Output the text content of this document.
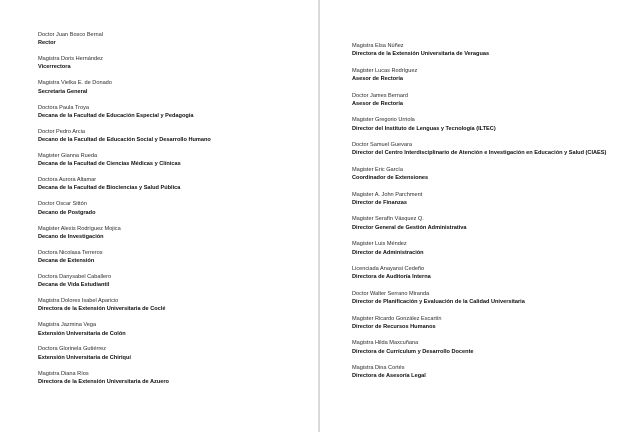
Doctor Juan Bosco Bernal
Rector
Magistra Doris Hernández
Vicerrectora
Magistra Vielka E. de Donado
Secretaria General
Doctora Paula Troya
Decana de la Facultad de Educación Especial y Pedagogía
Doctor Pedro Arcia
Decano de la Facultad de Educación Social y Desarrollo Humano
Magister Gianna Rueda
Decana de la Facultad de Ciencias Médicas y Clínicas
Doctora Aurora Altamar
Decana de la Facultad de Biociencias y Salud Pública
Doctor Oscar Sittón
Decano de Postgrado
Magister Alexis Rodríguez Mojica
Decano de Investigación
Doctora Nicolasa Terreros
Decana de Extensión
Doctora Danysabel Caballero
Decana de Vida Estudiantil
Magistra Dolores Isabel Aparicio
Directora de la Extensión Universitaria de Coclé
Magistra Jazmina Vega
Extensión Universitaria de Colón
Doctora Glorinela Gutiérrez
Extensión Universitaria de Chiriquí
Magistra Diana Ríos
Directora de la Extensión Universitaria de Azuero
Magistra Elsa Núñez
Directora de la Extensión Universitaria de Veraguas
Magister Lucas Rodríguez
Asesor de Rectoría
Doctor James Bernard
Asesor de Rectoría
Magister Gregorio Urriola
Director del Instituto de Lenguas y Tecnología (ILTEC)
Doctor Samuel Guevara
Director del Centro Interdisciplinario de Atención e Investigación en Educación y Salud (CIAES)
Magister Eric García
Coordinador de Extensiones
Magister A. John Parchment
Director de Finanzas
Magister Serafín Vásquez Q.
Director General de Gestión Administrativa
Magister Luis Méndez
Director de Administración
Licenciada Anayansi Cedeño
Directora de Auditoría Interna
Doctor Walter Serrano Miranda
Director de Planificación y Evaluación de la Calidad Universitaria
Magister Ricardo González Escartín
Director de Recursos Humanos
Magistra Hilda Maxcuñana
Directora de Currículum y Desarrollo Docente
Magistra Dina Cortés
Directora de Asesoría Legal
